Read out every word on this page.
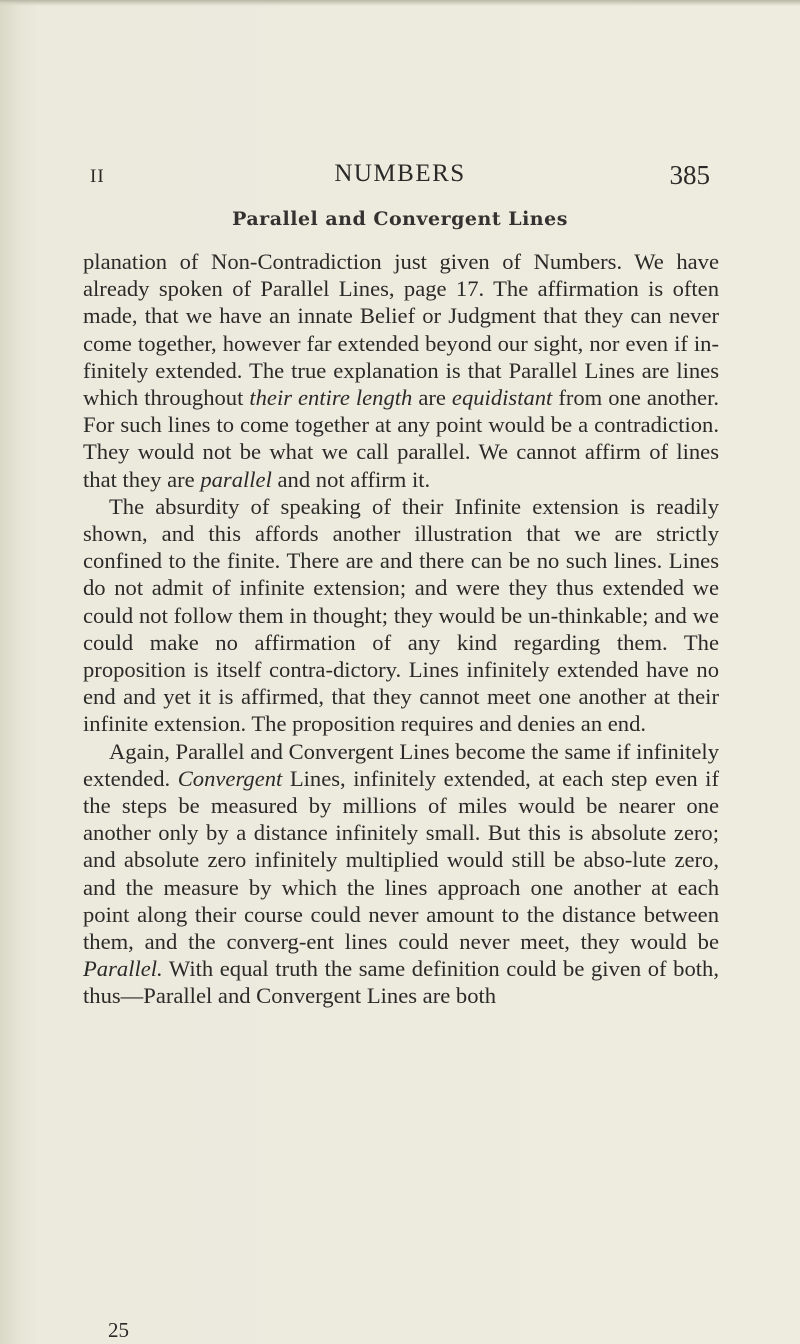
II	NUMBERS	385
Parallel and Convergent Lines

planation of Non-Contradiction just given of Numbers. We have already spoken of Parallel Lines, page 17. The affirmation is often made, that we have an innate Belief or Judgment that they can never come together, however far extended beyond our sight, nor even if in-finitely extended. The true explanation is that Parallel Lines are lines which throughout their entire length are equidistant from one another. For such lines to come together at any point would be a contradiction. They would not be what we call parallel. We cannot affirm of lines that they are parallel and not affirm it.

The absurdity of speaking of their Infinite extension is readily shown, and this affords another illustration that we are strictly confined to the finite. There are and there can be no such lines. Lines do not admit of infinite extension; and were they thus extended we could not follow them in thought; they would be un-thinkable; and we could make no affirmation of any kind regarding them. The proposition is itself contra-dictory. Lines infinitely extended have no end and yet it is affirmed, that they cannot meet one another at their infinite extension. The proposition requires and denies an end.

Again, Parallel and Convergent Lines become the same if infinitely extended. Convergent Lines, infinitely extended, at each step even if the steps be measured by millions of miles would be nearer one another only by a distance infinitely small. But this is absolute zero; and absolute zero infinitely multiplied would still be abso-lute zero, and the measure by which the lines approach one another at each point along their course could never amount to the distance between them, and the converg-ent lines could never meet, they would be Parallel. With equal truth the same definition could be given of both, thus—Parallel and Convergent Lines are both

25
